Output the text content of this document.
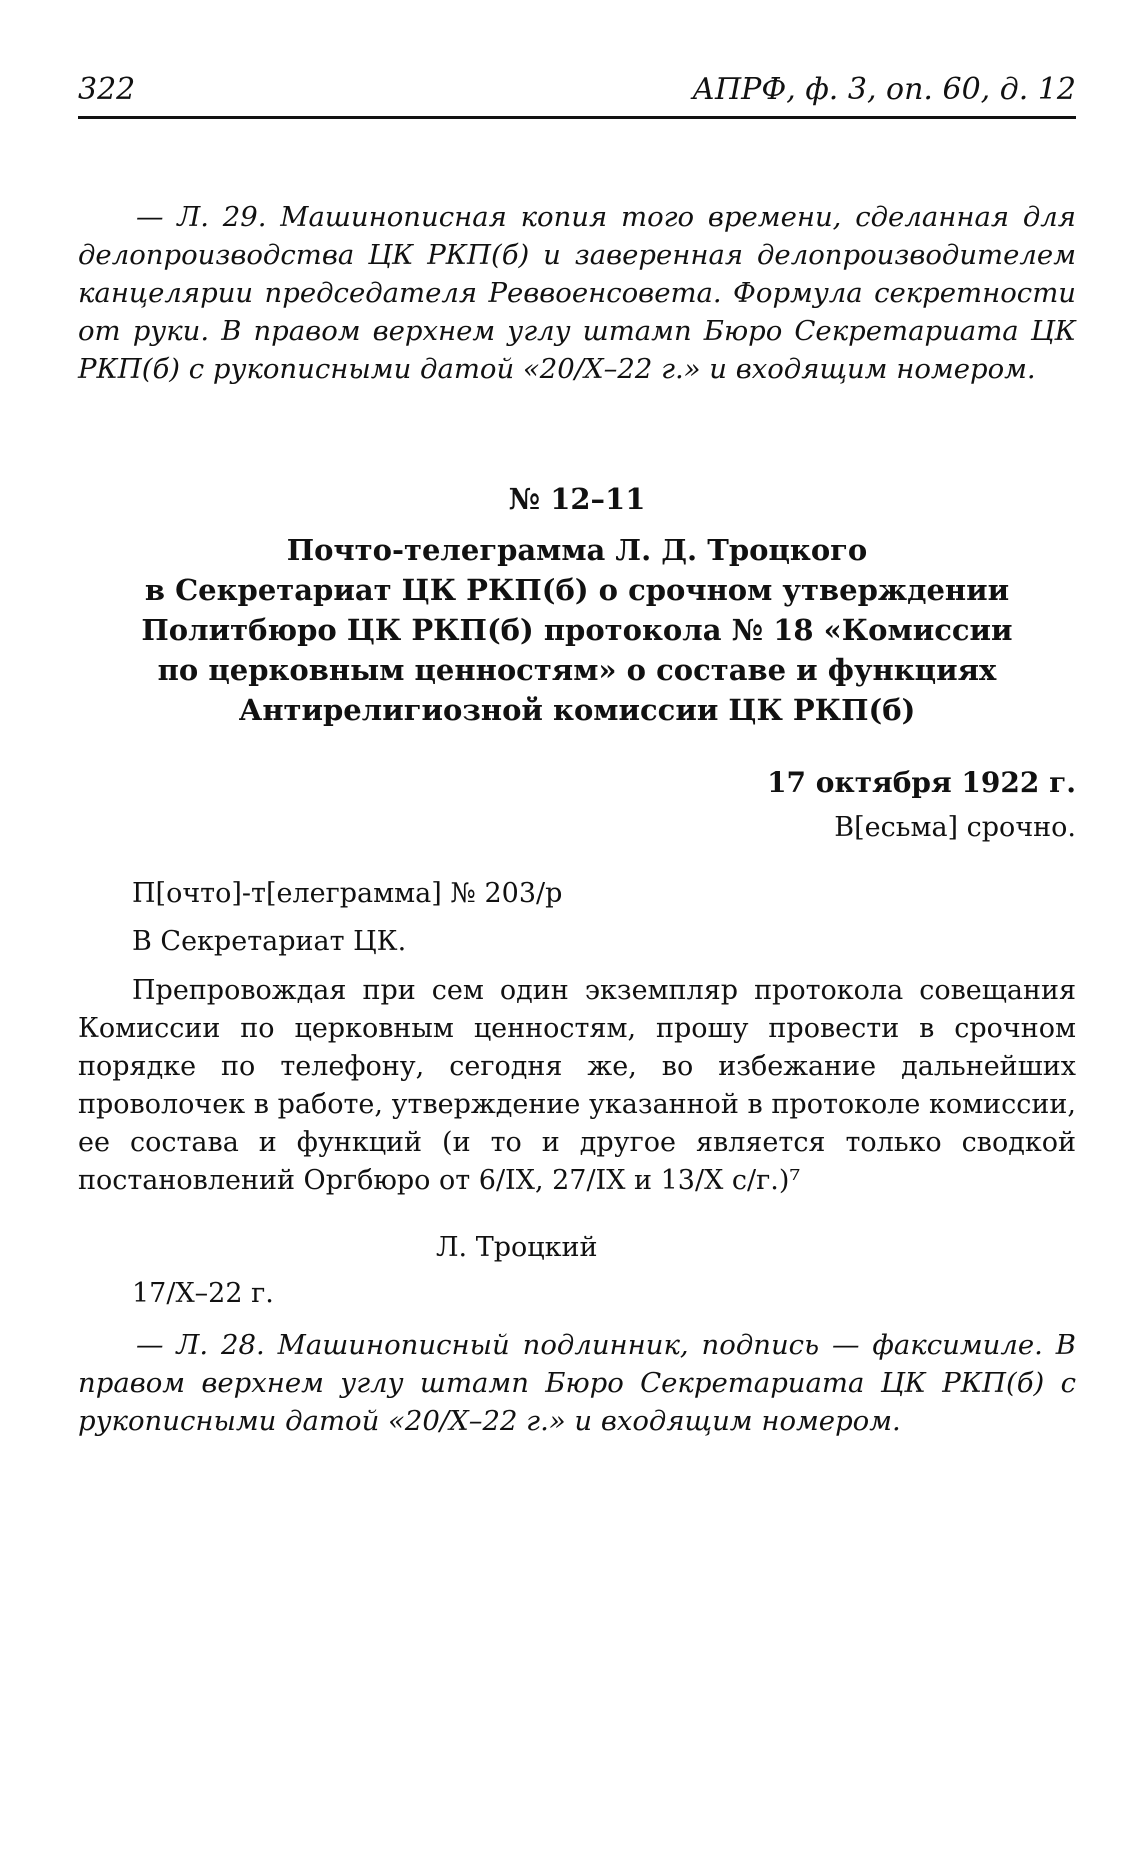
322	АПРФ, ф. 3, оп. 60, д. 12

— Л. 29. Машинописная копия того времени, сделанная для делопроизводства ЦК РКП(б) и заверенная делопроизводителем канцелярии председателя Реввоенсовета. Формула секретности от руки. В правом верхнем углу штамп Бюро Секретариата ЦК РКП(б) с рукописными датой «20/X–22 г.» и входящим номером.

№ 12–11
Почто-телеграмма Л. Д. Троцкого
в Секретариат ЦК РКП(б) о срочном утверждении
Политбюро ЦК РКП(б) протокола № 18 «Комиссии
по церковным ценностям» о составе и функциях
Антирелигиозной комиссии ЦК РКП(б)
17 октября 1922 г.
В[есьма] срочно.
П[очто]-т[елеграмма] № 203/р
В Секретариат ЦК.

Препровождая при сем один экземпляр протокола совещания Комиссии по церковным ценностям, прошу провести в срочном порядке по телефону, сегодня же, во избежание дальнейших проволочек в работе, утверждение указанной в протоколе комиссии, ее состава и функций (и то и другое является только сводкой постановлений Оргбюро от 6/IX, 27/IX и 13/X с/г.)⁷

Л. Троцкий
17/X–22 г.

— Л. 28. Машинописный подлинник, подпись — факсимиле. В правом верхнем углу штамп Бюро Секретариата ЦК РКП(б) с рукописными датой «20/X–22 г.» и входящим номером.
